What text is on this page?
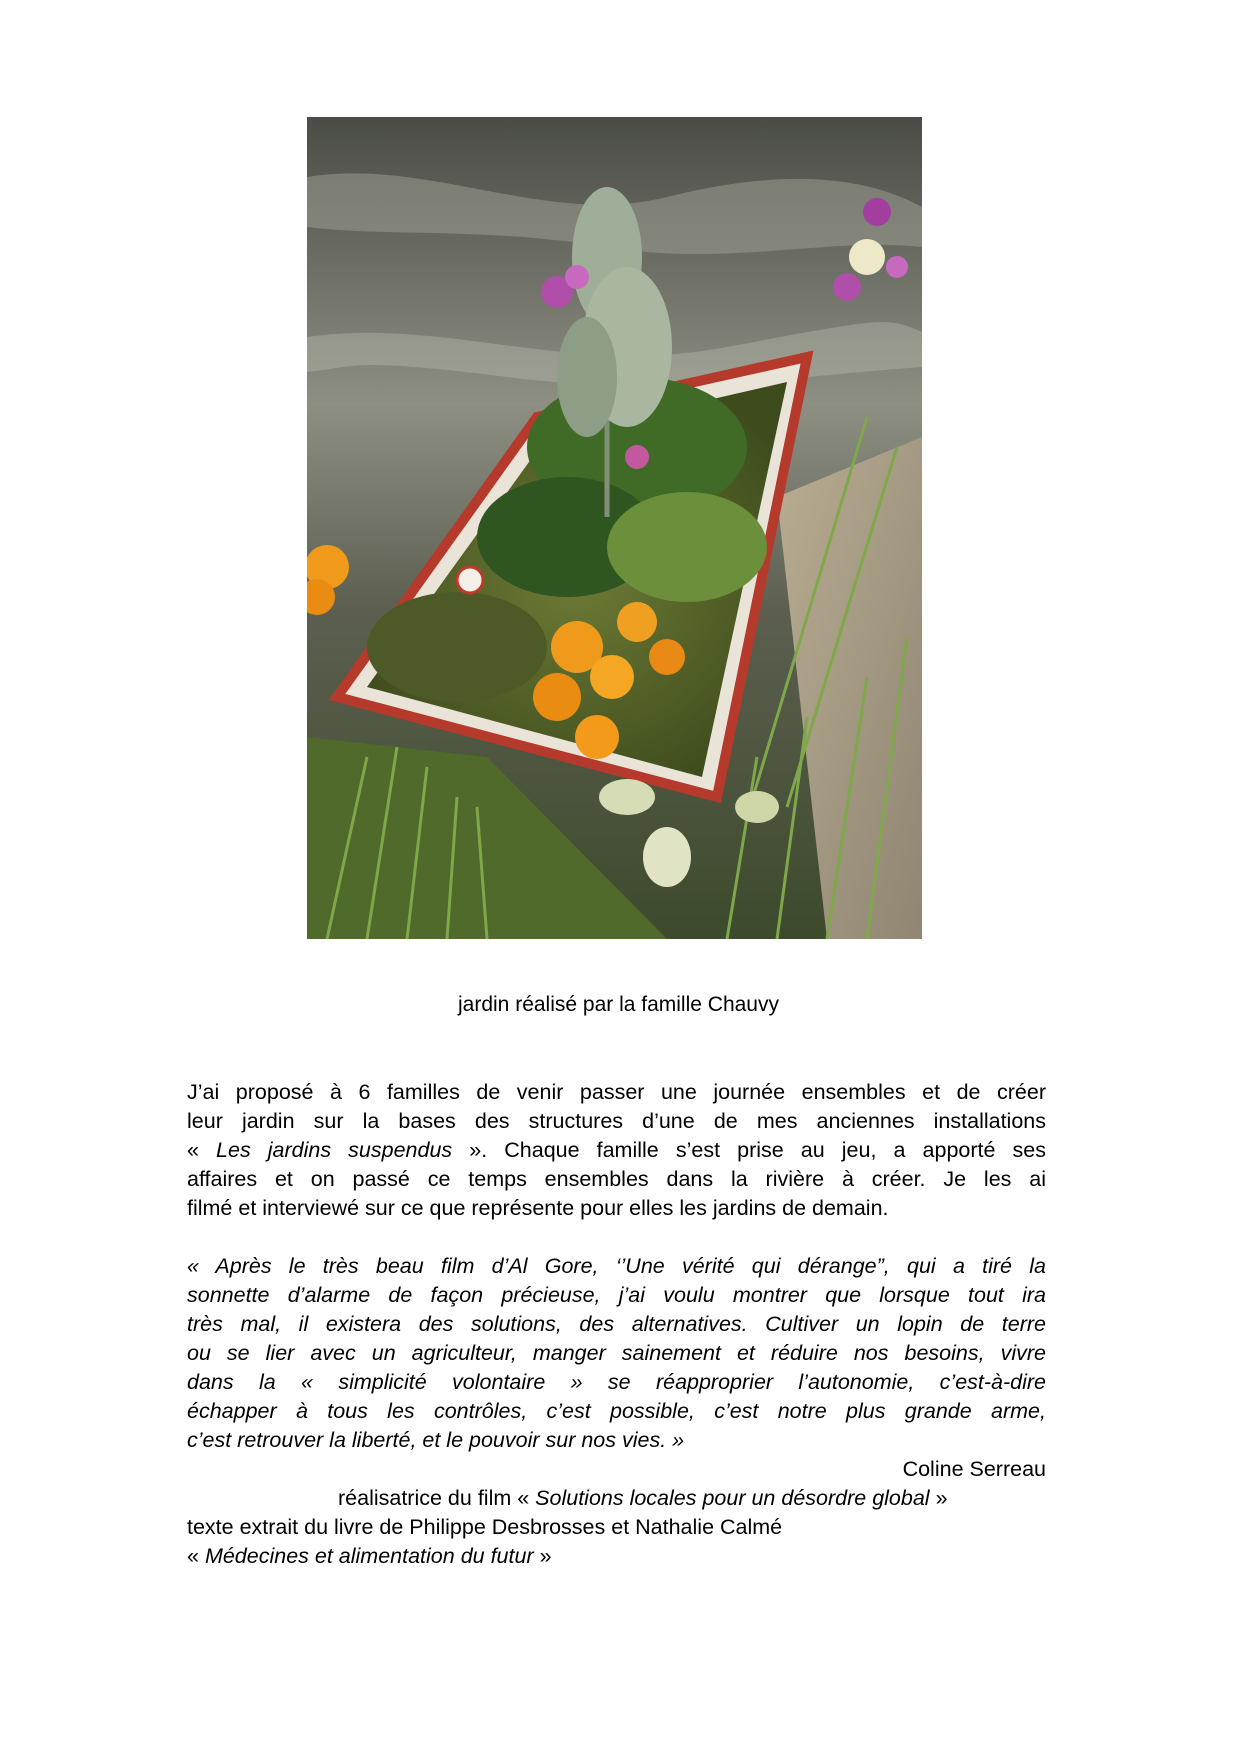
jardin réalisé par la famille Chauvy
J’ai proposé à 6 familles de venir passer une journée ensembles et de créer
leur jardin sur la bases des structures d’une de mes anciennes installations
« Les jardins suspendus ». Chaque famille s’est prise au jeu, a apporté ses
affaires et on passé ce temps ensembles dans la rivière à créer. Je les ai
filmé et interviewé sur ce que représente pour elles les jardins de demain.
« Après le très beau film d’Al Gore, ‘’Une vérité qui dérange”, qui a tiré la
sonnette d’alarme de façon précieuse, j’ai voulu montrer que lorsque tout ira
très mal, il existera des solutions, des alternatives. Cultiver un lopin de terre
ou se lier avec un agriculteur, manger sainement et réduire nos besoins, vivre
dans la « simplicité volontaire » se réapproprier l’autonomie, c’est-à-dire
échapper à tous les contrôles, c’est possible, c’est notre plus grande arme,
c’est retrouver la liberté, et le pouvoir sur nos vies. »
Coline Serreau
réalisatrice du film « Solutions locales pour un désordre global »
texte extrait du livre de Philippe Desbrosses et Nathalie Calmé
« Médecines et alimentation du futur »
